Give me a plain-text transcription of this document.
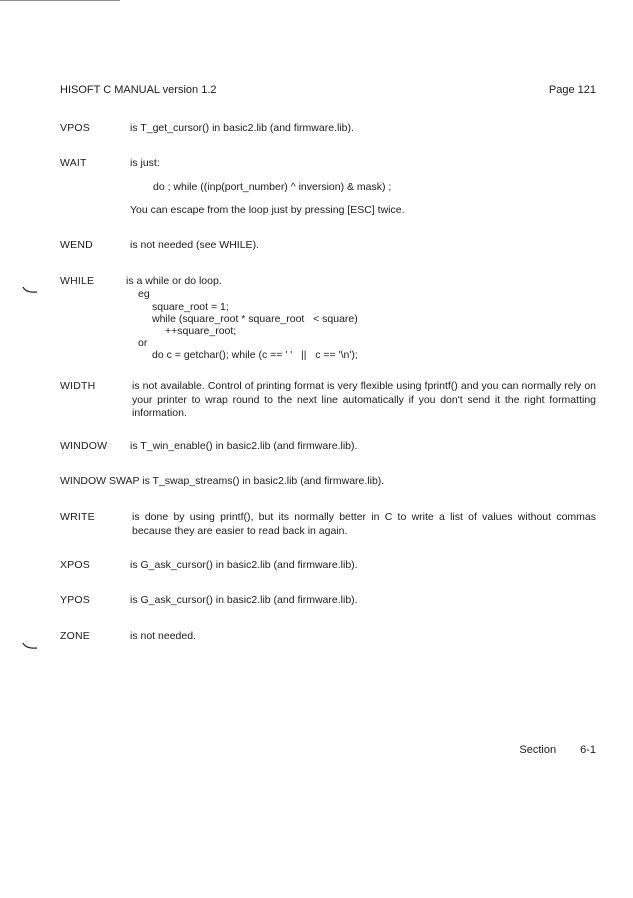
HISOFT C MANUAL version 1.2	Page 121
VPOS	is T_get_cursor() in basic2.lib (and firmware.lib).
WAIT	is just:
do ; while ((inp(port_number) ^ inversion) & mask) ;
You can escape from the loop just by pressing [ESC] twice.
WEND	is not needed (see WHILE).
WHILE	is a while or do loop.
eg
square_root = 1;
while (square_root * square_root   < square)
++square_root;
or
do c = getchar(); while (c == ' '   ||   c == '\n');
WIDTH	is not available. Control of printing format is very flexible using fprintf() and you can normally rely on your printer to wrap round to the next line automatically if you don't send it the right formatting information.
WINDOW is T_win_enable() in basic2.lib (and firmware.lib).
WINDOW SWAP is T_swap_streams() in basic2.lib (and firmware.lib).
WRITE	is done by using printf(), but its normally better in C to write a list of values without commas because they are easier to read back in again.
XPOS	is G_ask_cursor() in basic2.lib (and firmware.lib).
YPOS	is G_ask_cursor() in basic2.lib (and firmware.lib).
ZONE	is not needed.
Section 6-1
